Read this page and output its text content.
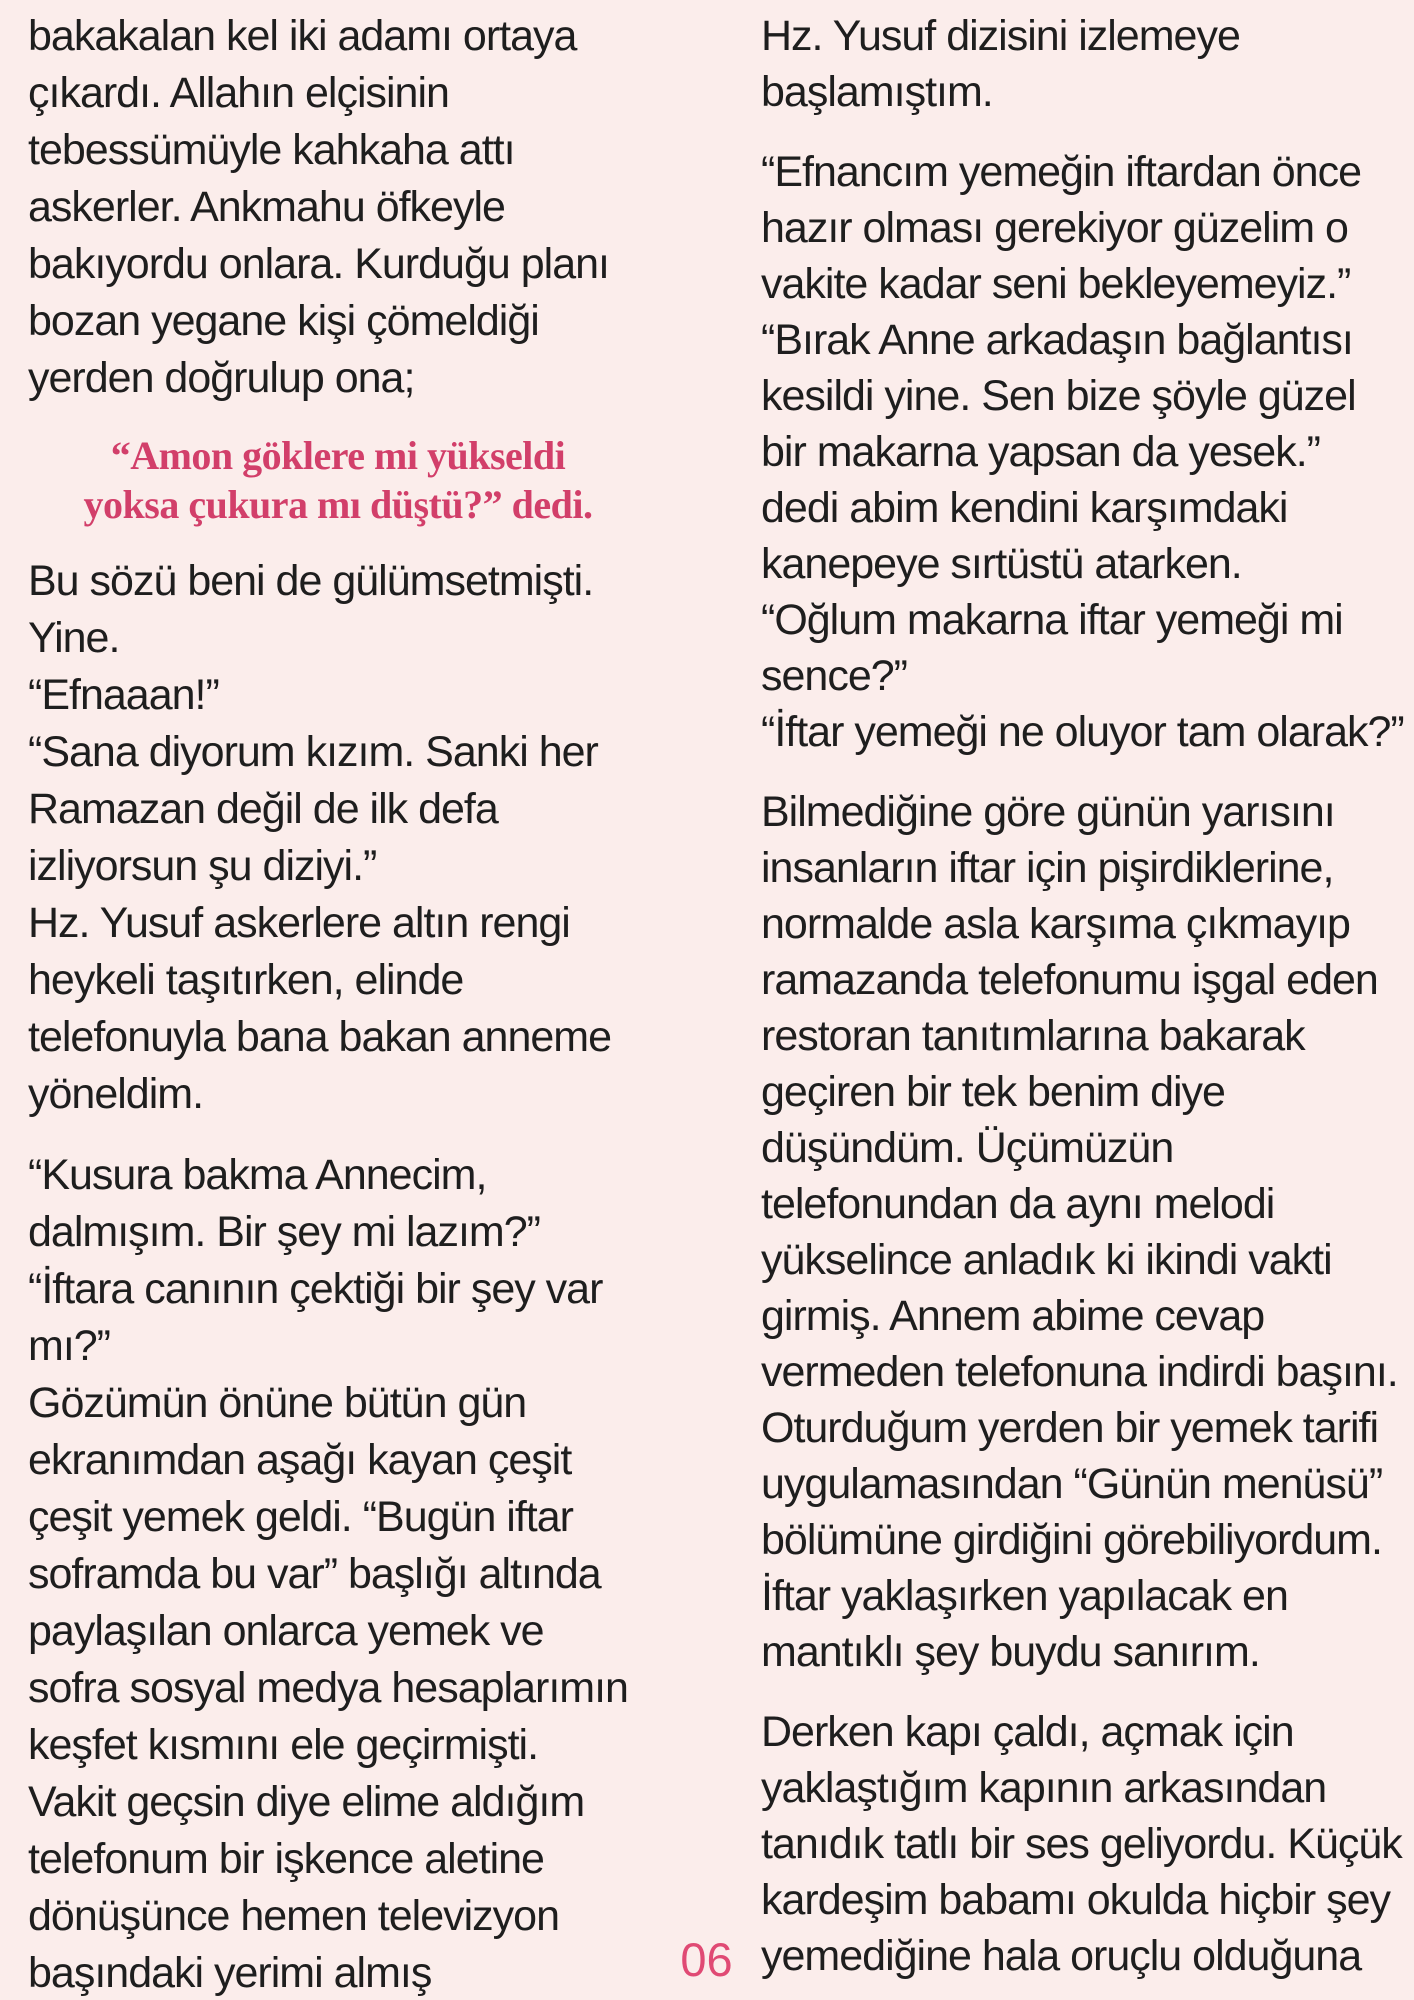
bakakalan kel iki adamı ortaya
çıkardı. Allahın elçisinin
tebessümüyle kahkaha attı
askerler. Ankmahu öfkeyle
bakıyordu onlara. Kurduğu planı
bozan yegane kişi çömeldiği
yerden doğrulup ona;
“Amon göklere mi yükseldi
yoksa çukura mı düştü?” dedi.
Bu sözü beni de gülümsetmişti.
Yine.
“Efnaaan!”
“Sana diyorum kızım. Sanki her
Ramazan değil de ilk defa
izliyorsun şu diziyi.”
Hz. Yusuf askerlere altın rengi
heykeli taşıtırken, elinde
telefonuyla bana bakan anneme
yöneldim.
“Kusura bakma Annecim,
dalmışım. Bir şey mi lazım?”
“İftara canının çektiği bir şey var
mı?”
Gözümün önüne bütün gün
ekranımdan aşağı kayan çeşit
çeşit yemek geldi. “Bugün iftar
soframda bu var” başlığı altında
paylaşılan onlarca yemek ve
sofra sosyal medya hesaplarımın
keşfet kısmını ele geçirmişti.
Vakit geçsin diye elime aldığım
telefonum bir işkence aletine
dönüşünce hemen televizyon
başındaki yerimi almış
Hz. Yusuf dizisini izlemeye
başlamıştım.
“Efnancım yemeğin iftardan önce
hazır olması gerekiyor güzelim o
vakite kadar seni bekleyemeyiz.”
“Bırak Anne arkadaşın bağlantısı
kesildi yine. Sen bize şöyle güzel
bir makarna yapsan da yesek.”
dedi abim kendini karşımdaki
kanepeye sırtüstü atarken.
“Oğlum makarna iftar yemeği mi
sence?”
“İftar yemeği ne oluyor tam olarak?”
Bilmediğine göre günün yarısını
insanların iftar için pişirdiklerine,
normalde asla karşıma çıkmayıp
ramazanda telefonumu işgal eden
restoran tanıtımlarına bakarak
geçiren bir tek benim diye
düşündüm. Üçümüzün
telefonundan da aynı melodi
yükselince anladık ki ikindi vakti
girmiş. Annem abime cevap
vermeden telefonuna indirdi başını.
Oturduğum yerden bir yemek tarifi
uygulamasından “Günün menüsü”
bölümüne girdiğini görebiliyordum.
İftar yaklaşırken yapılacak en
mantıklı şey buydu sanırım.
Derken kapı çaldı, açmak için
yaklaştığım kapının arkasından
tanıdık tatlı bir ses geliyordu. Küçük
kardeşim babamı okulda hiçbir şey
yemediğine hala oruçlu olduğuna
06
